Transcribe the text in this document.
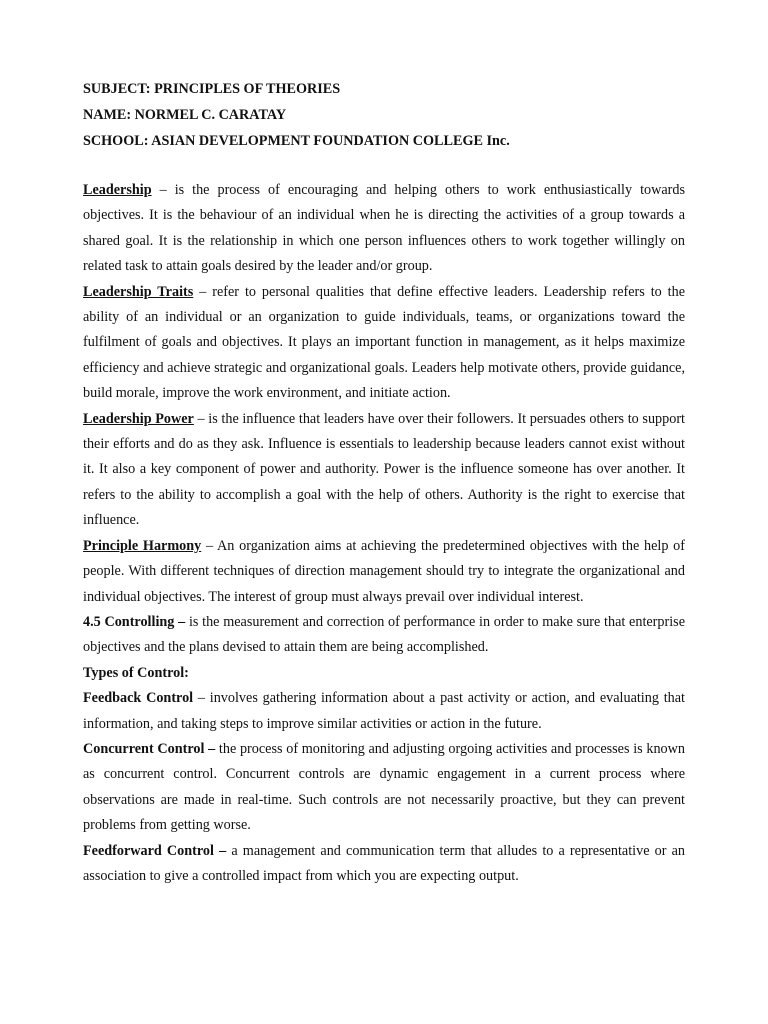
SUBJECT: PRINCIPLES OF THEORIES

NAME: NORMEL C. CARATAY

SCHOOL: ASIAN DEVELOPMENT FOUNDATION COLLEGE Inc.

Leadership – is the process of encouraging and helping others to work enthusiastically towards objectives. It is the behaviour of an individual when he is directing the activities of a group towards a shared goal. It is the relationship in which one person influences others to work together willingly on related task to attain goals desired by the leader and/or group.

Leadership Traits – refer to personal qualities that define effective leaders. Leadership refers to the ability of an individual or an organization to guide individuals, teams, or organizations toward the fulfilment of goals and objectives. It plays an important function in management, as it helps maximize efficiency and achieve strategic and organizational goals. Leaders help motivate others, provide guidance, build morale, improve the work environment, and initiate action.

Leadership Power – is the influence that leaders have over their followers. It persuades others to support their efforts and do as they ask. Influence is essentials to leadership because leaders cannot exist without it. It also a key component of power and authority. Power is the influence someone has over another. It refers to the ability to accomplish a goal with the help of others. Authority is the right to exercise that influence.

Principle Harmony – An organization aims at achieving the predetermined objectives with the help of people. With different techniques of direction management should try to integrate the organizational and individual objectives. The interest of group must always prevail over individual interest.

4.5 Controlling – is the measurement and correction of performance in order to make sure that enterprise objectives and the plans devised to attain them are being accomplished.

Types of Control:

Feedback Control – involves gathering information about a past activity or action, and evaluating that information, and taking steps to improve similar activities or action in the future.

Concurrent Control – the process of monitoring and adjusting orgoing activities and processes is known as concurrent control. Concurrent controls are dynamic engagement in a current process where observations are made in real-time. Such controls are not necessarily proactive, but they can prevent problems from getting worse.

Feedforward Control – a management and communication term that alludes to a representative or an association to give a controlled impact from which you are expecting output.
